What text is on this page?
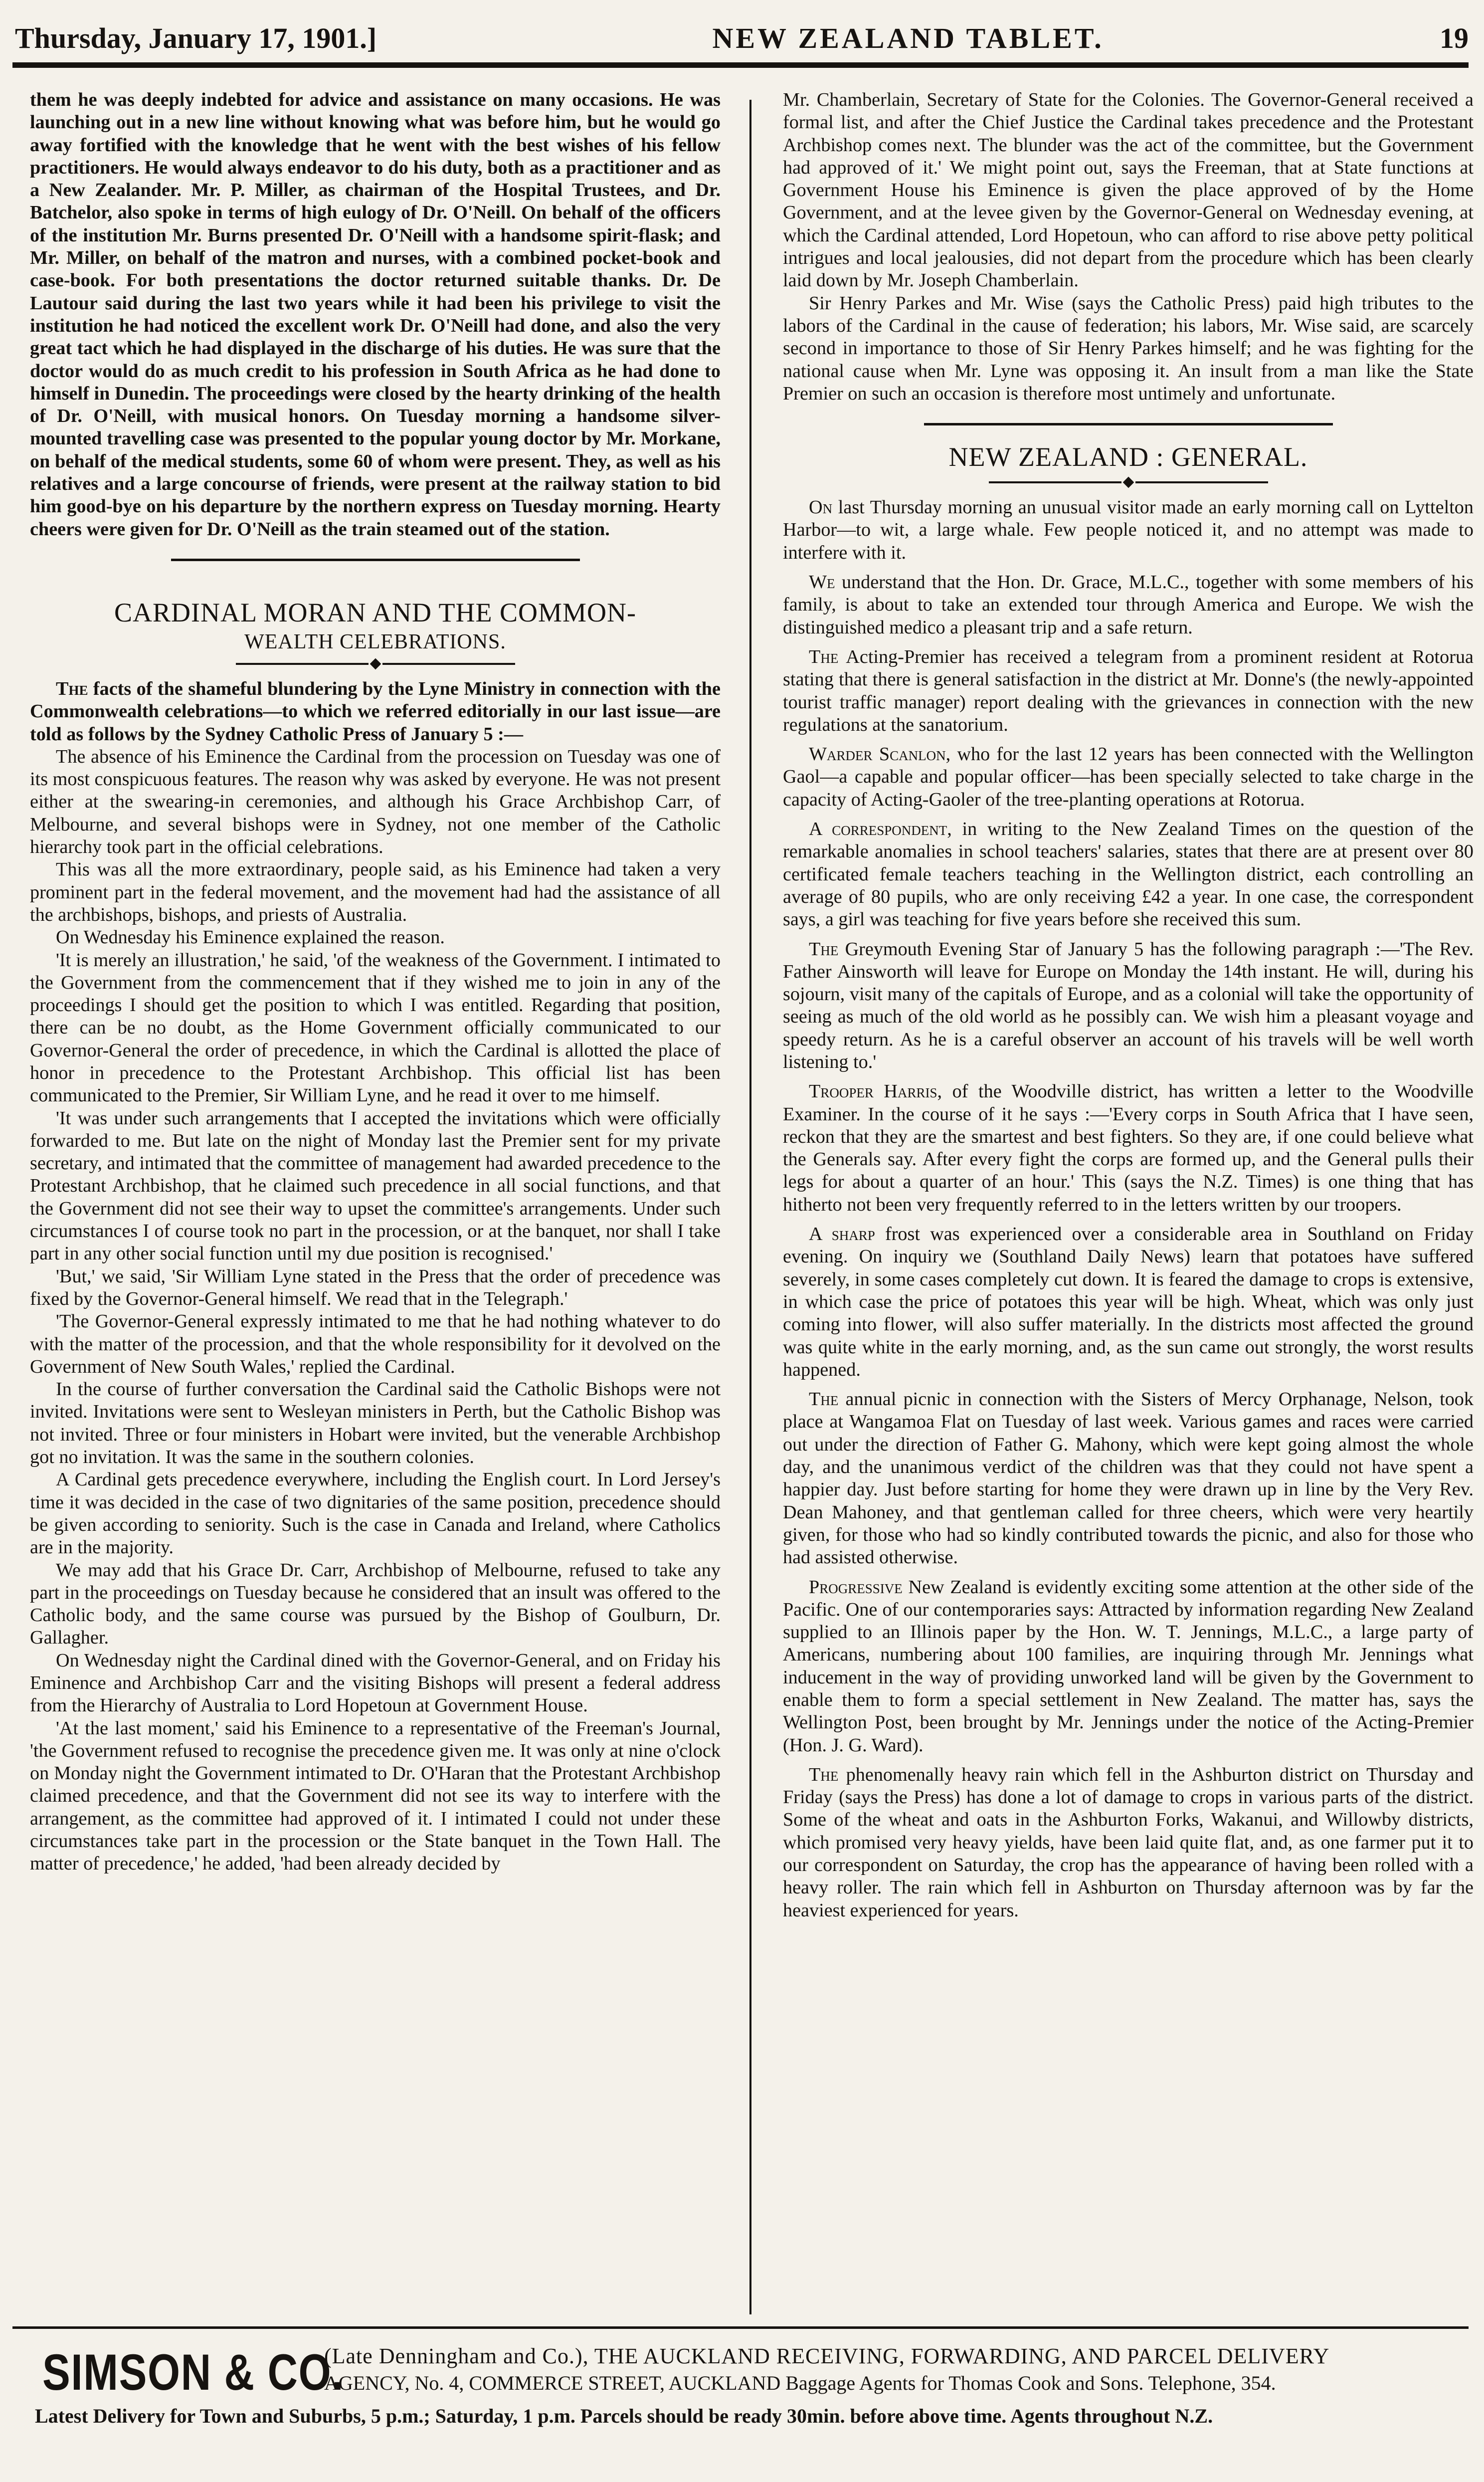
Thursday, January 17, 1901.]	NEW ZEALAND TABLET.	19

them he was deeply indebted for advice and assistance on many occasions. He was launching out in a new line without knowing what was before him, but he would go away fortified with the knowledge that he went with the best wishes of his fellow practitioners. He would always endeavor to do his duty, both as a practitioner and as a New Zealander. Mr. P. Miller, as chairman of the Hospital Trustees, and Dr. Batchelor, also spoke in terms of high eulogy of Dr. O'Neill. On behalf of the officers of the institution Mr. Burns presented Dr. O'Neill with a handsome spirit-flask; and Mr. Miller, on behalf of the matron and nurses, with a combined pocket-book and case-book. For both presentations the doctor returned suitable thanks. Dr. De Lautour said during the last two years while it had been his privilege to visit the institution he had noticed the excellent work Dr. O'Neill had done, and also the very great tact which he had displayed in the discharge of his duties. He was sure that the doctor would do as much credit to his profession in South Africa as he had done to himself in Dunedin. The proceedings were closed by the hearty drinking of the health of Dr. O'Neill, with musical honors. On Tuesday morning a handsome silver-mounted travelling case was presented to the popular young doctor by Mr. Morkane, on behalf of the medical students, some 60 of whom were present. They, as well as his relatives and a large concourse of friends, were present at the railway station to bid him good-bye on his departure by the northern express on Tuesday morning. Hearty cheers were given for Dr. O'Neill as the train steamed out of the station.

CARDINAL MORAN AND THE COMMON-
WEALTH CELEBRATIONS.

The facts of the shameful blundering by the Lyne Ministry in connection with the Commonwealth celebrations—to which we referred editorially in our last issue—are told as follows by the Sydney Catholic Press of January 5 :—

The absence of his Eminence the Cardinal from the procession on Tuesday was one of its most conspicuous features. The reason why was asked by everyone. He was not present either at the swearing-in ceremonies, and although his Grace Archbishop Carr, of Melbourne, and several bishops were in Sydney, not one member of the Catholic hierarchy took part in the official celebrations.

This was all the more extraordinary, people said, as his Eminence had taken a very prominent part in the federal movement, and the movement had had the assistance of all the archbishops, bishops, and priests of Australia.

On Wednesday his Eminence explained the reason.

'It is merely an illustration,' he said, 'of the weakness of the Government. I intimated to the Government from the commencement that if they wished me to join in any of the proceedings I should get the position to which I was entitled. Regarding that position, there can be no doubt, as the Home Government officially communicated to our Governor-General the order of precedence, in which the Cardinal is allotted the place of honor in precedence to the Protestant Archbishop. This official list has been communicated to the Premier, Sir William Lyne, and he read it over to me himself.

'It was under such arrangements that I accepted the invitations which were officially forwarded to me. But late on the night of Monday last the Premier sent for my private secretary, and intimated that the committee of management had awarded precedence to the Protestant Archbishop, that he claimed such precedence in all social functions, and that the Government did not see their way to upset the committee's arrangements. Under such circumstances I of course took no part in the procession, or at the banquet, nor shall I take part in any other social function until my due position is recognised.'

'But,' we said, 'Sir William Lyne stated in the Press that the order of precedence was fixed by the Governor-General himself. We read that in the Telegraph.'

'The Governor-General expressly intimated to me that he had nothing whatever to do with the matter of the procession, and that the whole responsibility for it devolved on the Government of New South Wales,' replied the Cardinal.

In the course of further conversation the Cardinal said the Catholic Bishops were not invited. Invitations were sent to Wesleyan ministers in Perth, but the Catholic Bishop was not invited. Three or four ministers in Hobart were invited, but the venerable Archbishop got no invitation. It was the same in the southern colonies.

A Cardinal gets precedence everywhere, including the English court. In Lord Jersey's time it was decided in the case of two dignitaries of the same position, precedence should be given according to seniority. Such is the case in Canada and Ireland, where Catholics are in the majority.

We may add that his Grace Dr. Carr, Archbishop of Melbourne, refused to take any part in the proceedings on Tuesday because he considered that an insult was offered to the Catholic body, and the same course was pursued by the Bishop of Goulburn, Dr. Gallagher.

On Wednesday night the Cardinal dined with the Governor-General, and on Friday his Eminence and Archbishop Carr and the visiting Bishops will present a federal address from the Hierarchy of Australia to Lord Hopetoun at Government House.

'At the last moment,' said his Eminence to a representative of the Freeman's Journal, 'the Government refused to recognise the precedence given me. It was only at nine o'clock on Monday night the Government intimated to Dr. O'Haran that the Protestant Archbishop claimed precedence, and that the Government did not see its way to interfere with the arrangement, as the committee had approved of it. I intimated I could not under these circumstances take part in the procession or the State banquet in the Town Hall. The matter of precedence,' he added, 'had been already decided by

Mr. Chamberlain, Secretary of State for the Colonies. The Governor-General received a formal list, and after the Chief Justice the Cardinal takes precedence and the Protestant Archbishop comes next. The blunder was the act of the committee, but the Government had approved of it.' We might point out, says the Freeman, that at State functions at Government House his Eminence is given the place approved of by the Home Government, and at the levee given by the Governor-General on Wednesday evening, at which the Cardinal attended, Lord Hopetoun, who can afford to rise above petty political intrigues and local jealousies, did not depart from the procedure which has been clearly laid down by Mr. Joseph Chamberlain.

Sir Henry Parkes and Mr. Wise (says the Catholic Press) paid high tributes to the labors of the Cardinal in the cause of federation; his labors, Mr. Wise said, are scarcely second in importance to those of Sir Henry Parkes himself; and he was fighting for the national cause when Mr. Lyne was opposing it. An insult from a man like the State Premier on such an occasion is therefore most untimely and unfortunate.

NEW ZEALAND : GENERAL.

On last Thursday morning an unusual visitor made an early morning call on Lyttelton Harbor—to wit, a large whale. Few people noticed it, and no attempt was made to interfere with it.

We understand that the Hon. Dr. Grace, M.L.C., together with some members of his family, is about to take an extended tour through America and Europe. We wish the distinguished medico a pleasant trip and a safe return.

The Acting-Premier has received a telegram from a prominent resident at Rotorua stating that there is general satisfaction in the district at Mr. Donne's (the newly-appointed tourist traffic manager) report dealing with the grievances in connection with the new regulations at the sanatorium.

Warder Scanlon, who for the last 12 years has been connected with the Wellington Gaol—a capable and popular officer—has been specially selected to take charge in the capacity of Acting-Gaoler of the tree-planting operations at Rotorua.

A correspondent, in writing to the New Zealand Times on the question of the remarkable anomalies in school teachers' salaries, states that there are at present over 80 certificated female teachers teaching in the Wellington district, each controlling an average of 80 pupils, who are only receiving £42 a year. In one case, the correspondent says, a girl was teaching for five years before she received this sum.

The Greymouth Evening Star of January 5 has the following paragraph :—'The Rev. Father Ainsworth will leave for Europe on Monday the 14th instant. He will, during his sojourn, visit many of the capitals of Europe, and as a colonial will take the opportunity of seeing as much of the old world as he possibly can. We wish him a pleasant voyage and speedy return. As he is a careful observer an account of his travels will be well worth listening to.'

Trooper Harris, of the Woodville district, has written a letter to the Woodville Examiner. In the course of it he says :—'Every corps in South Africa that I have seen, reckon that they are the smartest and best fighters. So they are, if one could believe what the Generals say. After every fight the corps are formed up, and the General pulls their legs for about a quarter of an hour.' This (says the N.Z. Times) is one thing that has hitherto not been very frequently referred to in the letters written by our troopers.

A sharp frost was experienced over a considerable area in Southland on Friday evening. On inquiry we (Southland Daily News) learn that potatoes have suffered severely, in some cases completely cut down. It is feared the damage to crops is extensive, in which case the price of potatoes this year will be high. Wheat, which was only just coming into flower, will also suffer materially. In the districts most affected the ground was quite white in the early morning, and, as the sun came out strongly, the worst results happened.

The annual picnic in connection with the Sisters of Mercy Orphanage, Nelson, took place at Wangamoa Flat on Tuesday of last week. Various games and races were carried out under the direction of Father G. Mahony, which were kept going almost the whole day, and the unanimous verdict of the children was that they could not have spent a happier day. Just before starting for home they were drawn up in line by the Very Rev. Dean Mahoney, and that gentleman called for three cheers, which were very heartily given, for those who had so kindly contributed towards the picnic, and also for those who had assisted otherwise.

Progressive New Zealand is evidently exciting some attention at the other side of the Pacific. One of our contemporaries says: Attracted by information regarding New Zealand supplied to an Illinois paper by the Hon. W. T. Jennings, M.L.C., a large party of Americans, numbering about 100 families, are inquiring through Mr. Jennings what inducement in the way of providing unworked land will be given by the Government to enable them to form a special settlement in New Zealand. The matter has, says the Wellington Post, been brought by Mr. Jennings under the notice of the Acting-Premier (Hon. J. G. Ward).

The phenomenally heavy rain which fell in the Ashburton district on Thursday and Friday (says the Press) has done a lot of damage to crops in various parts of the district. Some of the wheat and oats in the Ashburton Forks, Wakanui, and Willowby districts, which promised very heavy yields, have been laid quite flat, and, as one farmer put it to our correspondent on Saturday, the crop has the appearance of having been rolled with a heavy roller. The rain which fell in Ashburton on Thursday afternoon was by far the heaviest experienced for years.

SIMSON & CO.
(Late Denningham and Co.), THE AUCKLAND RECEIVING, FORWARDING, AND PARCEL DELIVERY
AGENCY, No. 4, COMMERCE STREET, AUCKLAND Baggage Agents for Thomas Cook and Sons. Telephone, 354.
Latest Delivery for Town and Suburbs, 5 p.m.; Saturday, 1 p.m. Parcels should be ready 30min. before above time. Agents throughout N.Z.
